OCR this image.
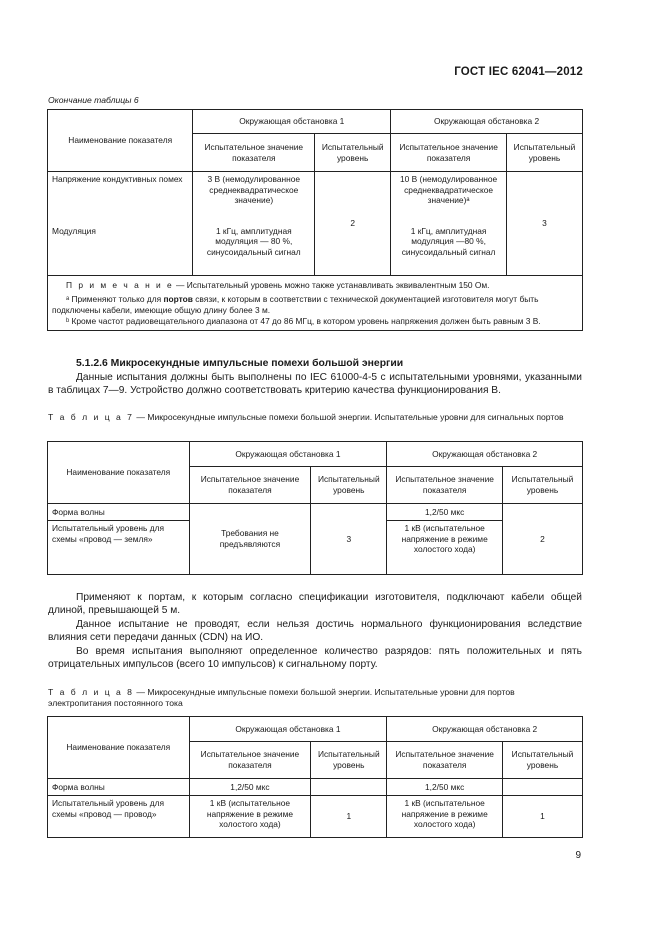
ГОСТ IEC 62041—2012
Окончание таблицы 6
Наименование показателя	Окружающая обстановка 1		Окружающая обстановка 2	
	Испытательное значение показателя	Испытательный уровень	Испытательное значение показателя	Испытательный уровень
Напряжение кондуктивных помех	3 В (немодулированное среднеквадратическое значение)	2	10 В (немодулированное среднеквадратическое значение)ᵃ	3
Модуляция	1 кГц, амплитудная модуляция — 80 %, синусоидальный сигнал		1 кГц, амплитудная модуляция —80 %, синусоидальный сигнал	

П р и м е ч а н и е — Испытательный уровень можно также устанавливать эквивалентным 150 Ом.
ᵃ Применяют только для портов связи, к которым в соответствии с технической документацией изготовителя могут быть подключены кабели, имеющие общую длину более 3 м.
ᵇ Кроме частот радиовещательного диапазона от 47 до 86 МГц, в котором уровень напряжения должен быть равным 3 В.				
5.1.2.6 Микросекундные импульсные помехи большой энергии
Данные испытания должны быть выполнены по IEC 61000-4-5 с испытательными уровнями, указанными в таблицах 7—9. Устройство должно соответствовать критерию качества функционирования В.
Т а б л и ц а 7 — Микросекундные импульсные помехи большой энергии. Испытательные уровни для сигнальных портов
Наименование показателя	Окружающая обстановка 1		Окружающая обстановка 2	
	Испытательное значение показателя	Испытательный уровень	Испытательное значение показателя	Испытательный уровень
Форма волны	Требования не предъявляются	3	1,2/50 мкс	2
Испытательный уровень для схемы «провод — земля»			1 кВ (испытательное напряжение в режиме холостого хода)	
Применяют к портам, к которым согласно спецификации изготовителя, подключают кабели общей длиной, превышающей 5 м.
Данное испытание не проводят, если нельзя достичь нормального функционирования вследствие влияния сети передачи данных (CDN) на ИО.
Во время испытания выполняют определенное количество разрядов: пять положительных и пять отрицательных импульсов (всего 10 импульсов) к сигнальному порту.
Т а б л и ц а 8 — Микросекундные импульсные помехи большой энергии. Испытательные уровни для портов электропитания постоянного тока
Наименование показателя	Окружающая обстановка 1		Окружающая обстановка 2	
	Испытательное значение показателя	Испытательный уровень	Испытательное значение показателя	Испытательный уровень
Форма волны	1,2/50 мкс		1,2/50 мкс	
Испытательный уровень для схемы «провод — провод»	1 кВ (испытательное напряжение в режиме холостого хода)	1	1 кВ (испытательное напряжение в режиме холостого хода)	1
9
